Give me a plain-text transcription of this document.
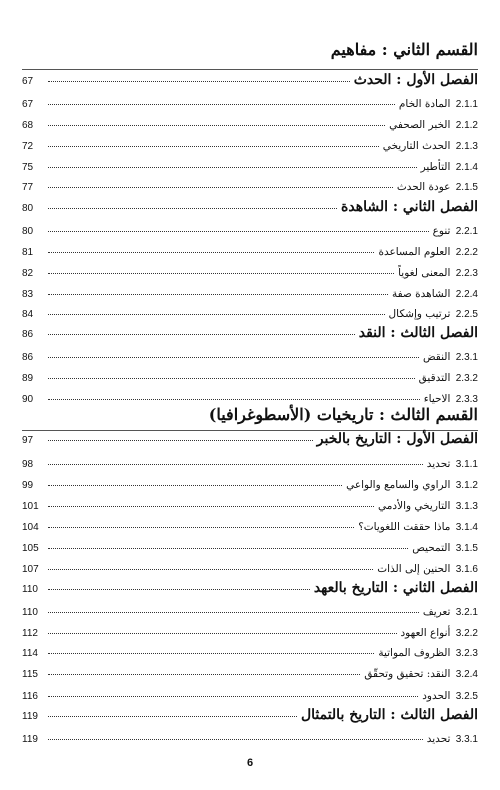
القسم الثاني : مفاهيم
67	الفصل الأول : الحدث
67	2.1.1 المادة الخام
68	2.1.2 الخبر الصحفي
72	2.1.3 الحدث التاريخي
75	2.1.4 التأطير
77	2.1.5 عودة الحدث
80	الفصل الثاني : الشاهدة
80	2.2.1 تنوع
81	2.2.2 العلوم المساعدة
82	2.2.3 المعنى لغوياً
83	2.2.4 الشاهدة صفة
84	2.2.5 ترتيب وإشكال
86	الفصل الثالث : النقد
86	2.3.1 النقض
89	2.3.2 التدقيق
90	2.3.3 الاحياء
القسم الثالث : تاريخيات (الأسطوغرافيا)
97	الفصل الأول : التاريخ بالخبر
98	3.1.1 تحديد
99	3.1.2 الراوي والسامع والواعي
101	3.1.3 التاريخي والأدمي
104	3.1.4 ماذا حققت اللغويات؟
105	3.1.5 التمحيص
107	3.1.6 الحنين إلى الذات
110	الفصل الثاني : التاريخ بالعهد
110	3.2.1 تعريف
112	3.2.2 أنواع العهود
114	3.2.3 الظروف المواتية
115	3.2.4 النقد: تحقيق وتحقّق
116	3.2.5 الحدود
119	الفصل الثالث : التاريخ بالتمثال
119	3.3.1 تحديد
6
